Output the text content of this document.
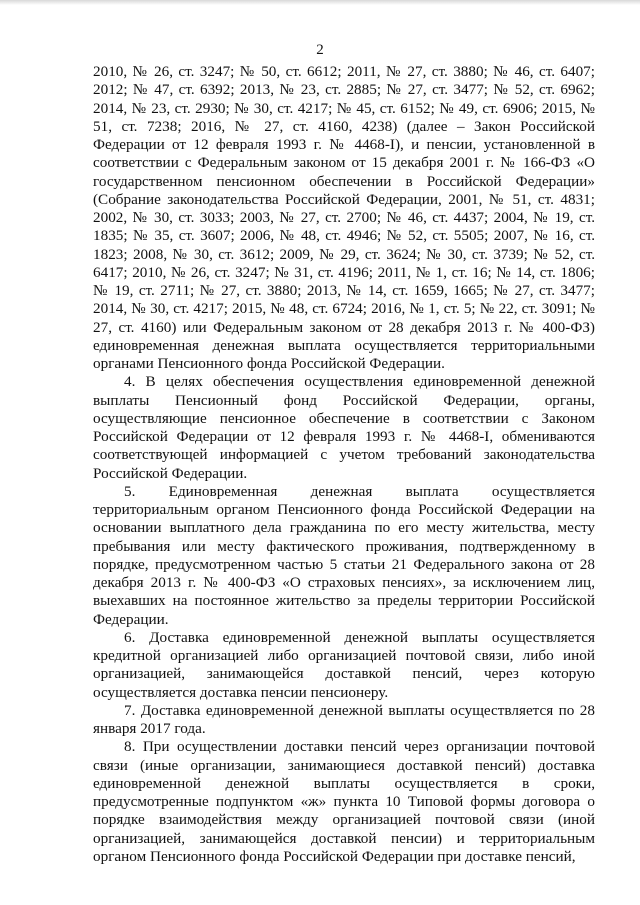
2

2010, № 26, ст. 3247; № 50, ст. 6612; 2011, № 27, ст. 3880; № 46, ст. 6407; 2012; № 47, ст. 6392; 2013, № 23, ст. 2885; № 27, ст. 3477; № 52, ст. 6962; 2014, № 23, ст. 2930; № 30, ст. 4217; № 45, ст. 6152; № 49, ст. 6906; 2015, № 51, ст. 7238; 2016, № 27, ст. 4160, 4238) (далее – Закон Российской Федерации от 12 февраля 1993 г. № 4468-I), и пенсии, установленной в соответствии с Федеральным законом от 15 декабря 2001 г. № 166-ФЗ «О государственном пенсионном обеспечении в Российской Федерации» (Собрание законодательства Российской Федерации, 2001, № 51, ст. 4831; 2002, № 30, ст. 3033; 2003, № 27, ст. 2700; № 46, ст. 4437; 2004, № 19, ст. 1835; № 35, ст. 3607; 2006, № 48, ст. 4946; № 52, ст. 5505; 2007, № 16, ст. 1823; 2008, № 30, ст. 3612; 2009, № 29, ст. 3624; № 30, ст. 3739; № 52, ст. 6417; 2010, № 26, ст. 3247; № 31, ст. 4196; 2011, № 1, ст. 16; № 14, ст. 1806; № 19, ст. 2711; № 27, ст. 3880; 2013, № 14, ст. 1659, 1665; № 27, ст. 3477; 2014, № 30, ст. 4217; 2015, № 48, ст. 6724; 2016, № 1, ст. 5; № 22, ст. 3091; № 27, ст. 4160) или Федеральным законом от 28 декабря 2013 г. № 400-ФЗ) единовременная денежная выплата осуществляется территориальными органами Пенсионного фонда Российской Федерации.

4. В целях обеспечения осуществления единовременной денежной выплаты Пенсионный фонд Российской Федерации, органы, осуществляющие пенсионное обеспечение в соответствии с Законом Российской Федерации от 12 февраля 1993 г. № 4468-I, обмениваются соответствующей информацией с учетом требований законодательства Российской Федерации.

5. Единовременная денежная выплата осуществляется территориальным органом Пенсионного фонда Российской Федерации на основании выплатного дела гражданина по его месту жительства, месту пребывания или месту фактического проживания, подтвержденному в порядке, предусмотренном частью 5 статьи 21 Федерального закона от 28 декабря 2013 г. № 400-ФЗ «О страховых пенсиях», за исключением лиц, выехавших на постоянное жительство за пределы территории Российской Федерации.

6. Доставка единовременной денежной выплаты осуществляется кредитной организацией либо организацией почтовой связи, либо иной организацией, занимающейся доставкой пенсий, через которую осуществляется доставка пенсии пенсионеру.

7. Доставка единовременной денежной выплаты осуществляется по 28 января 2017 года.

8. При осуществлении доставки пенсий через организации почтовой связи (иные организации, занимающиеся доставкой пенсий) доставка единовременной денежной выплаты осуществляется в сроки, предусмотренные подпунктом «ж» пункта 10 Типовой формы договора о порядке взаимодействия между организацией почтовой связи (иной организацией, занимающейся доставкой пенсии) и территориальным органом Пенсионного фонда Российской Федерации при доставке пенсий,
